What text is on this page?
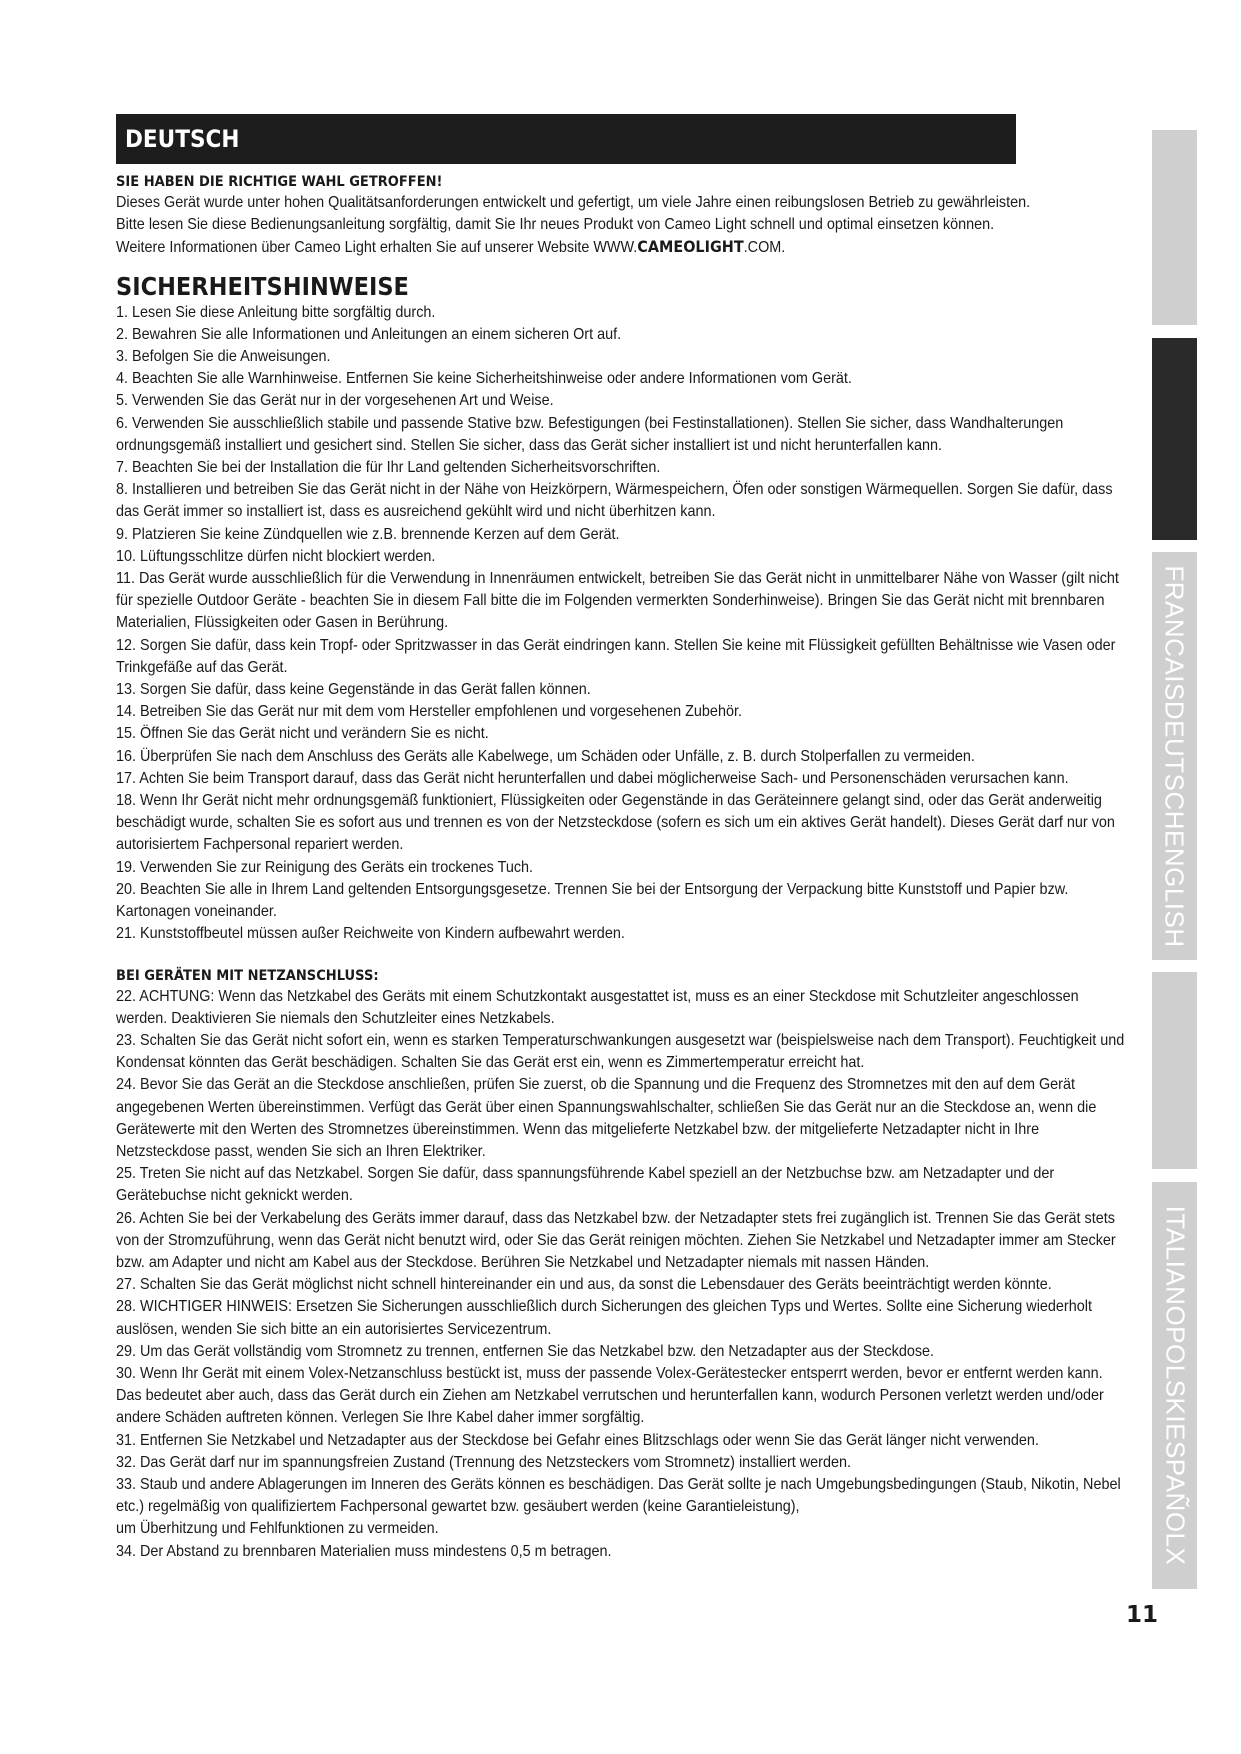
DEUTSCH
SIE HABEN DIE RICHTIGE WAHL GETROFFEN!

Dieses Gerät wurde unter hohen Qualitätsanforderungen entwickelt und gefertigt, um viele Jahre einen reibungslosen Betrieb zu gewährleisten.

Bitte lesen Sie diese Bedienungsanleitung sorgfältig, damit Sie Ihr neues Produkt von Cameo Light schnell und optimal einsetzen können.

Weitere Informationen über Cameo Light erhalten Sie auf unserer Website WWW.CAMEOLIGHT.COM.

SICHERHEITSHINWEISE

1. Lesen Sie diese Anleitung bitte sorgfältig durch.

2. Bewahren Sie alle Informationen und Anleitungen an einem sicheren Ort auf.

3. Befolgen Sie die Anweisungen.

4. Beachten Sie alle Warnhinweise. Entfernen Sie keine Sicherheitshinweise oder andere Informationen vom Gerät.

5. Verwenden Sie das Gerät nur in der vorgesehenen Art und Weise.

6. Verwenden Sie ausschließlich stabile und passende Stative bzw. Befestigungen (bei Festinstallationen). Stellen Sie sicher, dass Wandhalterungen ordnungsgemäß installiert und gesichert sind. Stellen Sie sicher, dass das Gerät sicher installiert ist und nicht herunterfallen kann.

7. Beachten Sie bei der Installation die für Ihr Land geltenden Sicherheitsvorschriften.

8. Installieren und betreiben Sie das Gerät nicht in der Nähe von Heizkörpern, Wärmespeichern, Öfen oder sonstigen Wärmequellen. Sorgen Sie dafür, dass das Gerät immer so installiert ist, dass es ausreichend gekühlt wird und nicht überhitzen kann.

9. Platzieren Sie keine Zündquellen wie z.B. brennende Kerzen auf dem Gerät.

10. Lüftungsschlitze dürfen nicht blockiert werden.

11. Das Gerät wurde ausschließlich für die Verwendung in Innenräumen entwickelt, betreiben Sie das Gerät nicht in unmittelbarer Nähe von Wasser (gilt nicht für spezielle Outdoor Geräte - beachten Sie in diesem Fall bitte die im Folgenden vermerkten Sonderhinweise). Bringen Sie das Gerät nicht mit brennbaren Materialien, Flüssigkeiten oder Gasen in Berührung.

12. Sorgen Sie dafür, dass kein Tropf- oder Spritzwasser in das Gerät eindringen kann. Stellen Sie keine mit Flüssigkeit gefüllten Behältnisse wie Vasen oder Trinkgefäße auf das Gerät.

13. Sorgen Sie dafür, dass keine Gegenstände in das Gerät fallen können.

14. Betreiben Sie das Gerät nur mit dem vom Hersteller empfohlenen und vorgesehenen Zubehör.

15. Öffnen Sie das Gerät nicht und verändern Sie es nicht.

16. Überprüfen Sie nach dem Anschluss des Geräts alle Kabelwege, um Schäden oder Unfälle, z. B. durch Stolperfallen zu vermeiden.

17. Achten Sie beim Transport darauf, dass das Gerät nicht herunterfallen und dabei möglicherweise Sach- und Personenschäden verursachen kann.

18. Wenn Ihr Gerät nicht mehr ordnungsgemäß funktioniert, Flüssigkeiten oder Gegenstände in das Geräteinnere gelangt sind, oder das Gerät anderweitig beschädigt wurde, schalten Sie es sofort aus und trennen es von der Netzsteckdose (sofern es sich um ein aktives Gerät handelt). Dieses Gerät darf nur von autorisiertem Fachpersonal repariert werden.

19. Verwenden Sie zur Reinigung des Geräts ein trockenes Tuch.

20. Beachten Sie alle in Ihrem Land geltenden Entsorgungsgesetze. Trennen Sie bei der Entsorgung der Verpackung bitte Kunststoff und Papier bzw. Kartonagen voneinander.

21. Kunststoffbeutel müssen außer Reichweite von Kindern aufbewahrt werden.

BEI GERÄTEN MIT NETZANSCHLUSS:

22. ACHTUNG: Wenn das Netzkabel des Geräts mit einem Schutzkontakt ausgestattet ist, muss es an einer Steckdose mit Schutzleiter angeschlossen werden. Deaktivieren Sie niemals den Schutzleiter eines Netzkabels.

23. Schalten Sie das Gerät nicht sofort ein, wenn es starken Temperaturschwankungen ausgesetzt war (beispielsweise nach dem Transport). Feuchtigkeit und Kondensat könnten das Gerät beschädigen. Schalten Sie das Gerät erst ein, wenn es Zimmertemperatur erreicht hat.

24. Bevor Sie das Gerät an die Steckdose anschließen, prüfen Sie zuerst, ob die Spannung und die Frequenz des Stromnetzes mit den auf dem Gerät angegebenen Werten übereinstimmen. Verfügt das Gerät über einen Spannungswahlschalter, schließen Sie das Gerät nur an die Steckdose an, wenn die Gerätewerte mit den Werten des Stromnetzes übereinstimmen. Wenn das mitgelieferte Netzkabel bzw. der mitgelieferte Netzadapter nicht in Ihre Netzsteckdose passt, wenden Sie sich an Ihren Elektriker.

25. Treten Sie nicht auf das Netzkabel. Sorgen Sie dafür, dass spannungsführende Kabel speziell an der Netzbuchse bzw. am Netzadapter und der Gerätebuchse nicht geknickt werden.

26. Achten Sie bei der Verkabelung des Geräts immer darauf, dass das Netzkabel bzw. der Netzadapter stets frei zugänglich ist. Trennen Sie das Gerät stets von der Stromzuführung, wenn das Gerät nicht benutzt wird, oder Sie das Gerät reinigen möchten. Ziehen Sie Netzkabel und Netzadapter immer am Stecker bzw. am Adapter und nicht am Kabel aus der Steckdose. Berühren Sie Netzkabel und Netzadapter niemals mit nassen Händen.

27. Schalten Sie das Gerät möglichst nicht schnell hintereinander ein und aus, da sonst die Lebensdauer des Geräts beeinträchtigt werden könnte.

28. WICHTIGER HINWEIS: Ersetzen Sie Sicherungen ausschließlich durch Sicherungen des gleichen Typs und Wertes. Sollte eine Sicherung wiederholt auslösen, wenden Sie sich bitte an ein autorisiertes Servicezentrum.

29. Um das Gerät vollständig vom Stromnetz zu trennen, entfernen Sie das Netzkabel bzw. den Netzadapter aus der Steckdose.

30. Wenn Ihr Gerät mit einem Volex-Netzanschluss bestückt ist, muss der passende Volex-Gerätestecker entsperrt werden, bevor er entfernt werden kann. Das bedeutet aber auch, dass das Gerät durch ein Ziehen am Netzkabel verrutschen und herunterfallen kann, wodurch Personen verletzt werden und/oder andere Schäden auftreten können. Verlegen Sie Ihre Kabel daher immer sorgfältig.

31. Entfernen Sie Netzkabel und Netzadapter aus der Steckdose bei Gefahr eines Blitzschlags oder wenn Sie das Gerät länger nicht verwenden.

32. Das Gerät darf nur im spannungsfreien Zustand (Trennung des Netzsteckers vom Stromnetz) installiert werden.

33. Staub und andere Ablagerungen im Inneren des Geräts können es beschädigen. Das Gerät sollte je nach Umgebungsbedingungen (Staub, Nikotin, Nebel etc.) regelmäßig von qualifiziertem Fachpersonal gewartet bzw. gesäubert werden (keine Garantieleistung),

um Überhitzung und Fehlfunktionen zu vermeiden.

34. Der Abstand zu brennbaren Materialien muss mindestens 0,5 m betragen.

FRANCAISDEUTSCHENGLISH
ITALIANOPOLSKIESPAÑOLX
11
